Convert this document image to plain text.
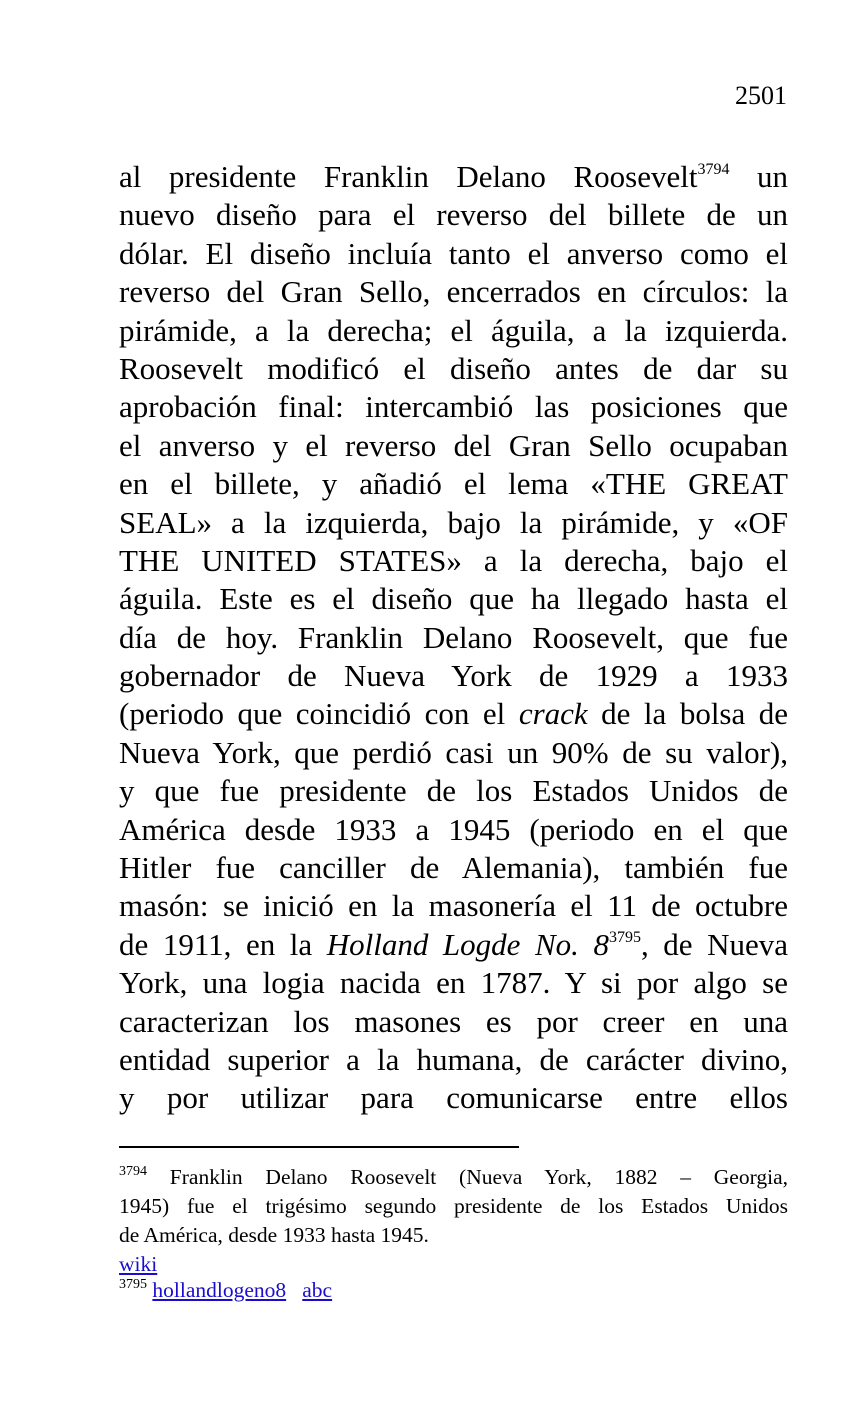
2501
al presidente Franklin Delano Roosevelt$^{3794}$ un
nuevo diseño para el reverso del billete de un
dólar. El diseño incluía tanto el anverso como el
reverso del Gran Sello, encerrados en círculos: la
pirámide, a la derecha; el águila, a la izquierda.
Roosevelt modificó el diseño antes de dar su
aprobación final: intercambió las posiciones que
el anverso y el reverso del Gran Sello ocupaban
en el billete, y añadió el lema «THE GREAT
SEAL» a la izquierda, bajo la pirámide, y «OF
THE UNITED STATES» a la derecha, bajo el
águila. Este es el diseño que ha llegado hasta el
día de hoy. Franklin Delano Roosevelt, que fue
gobernador de Nueva York de 1929 a 1933
(periodo que coincidió con el crack de la bolsa de
Nueva York, que perdió casi un 90% de su valor),
y que fue presidente de los Estados Unidos de
América desde 1933 a 1945 (periodo en el que
Hitler fue canciller de Alemania), también fue
masón: se inició en la masonería el 11 de octubre
de 1911, en la Holland Logde No. 8$^{3795}$, de Nueva
York, una logia nacida en 1787. Y si por algo se
caracterizan los masones es por creer en una
entidad superior a la humana, de carácter divino,
y por utilizar para comunicarse entre ellos
$^{3794}$ Franklin Delano Roosevelt (Nueva York, 1882 – Georgia,
1945) fue el trigésimo segundo presidente de los Estados Unidos
de América, desde 1933 hasta 1945.
wiki
$^{3795}$ hollandlogeno8 abc
